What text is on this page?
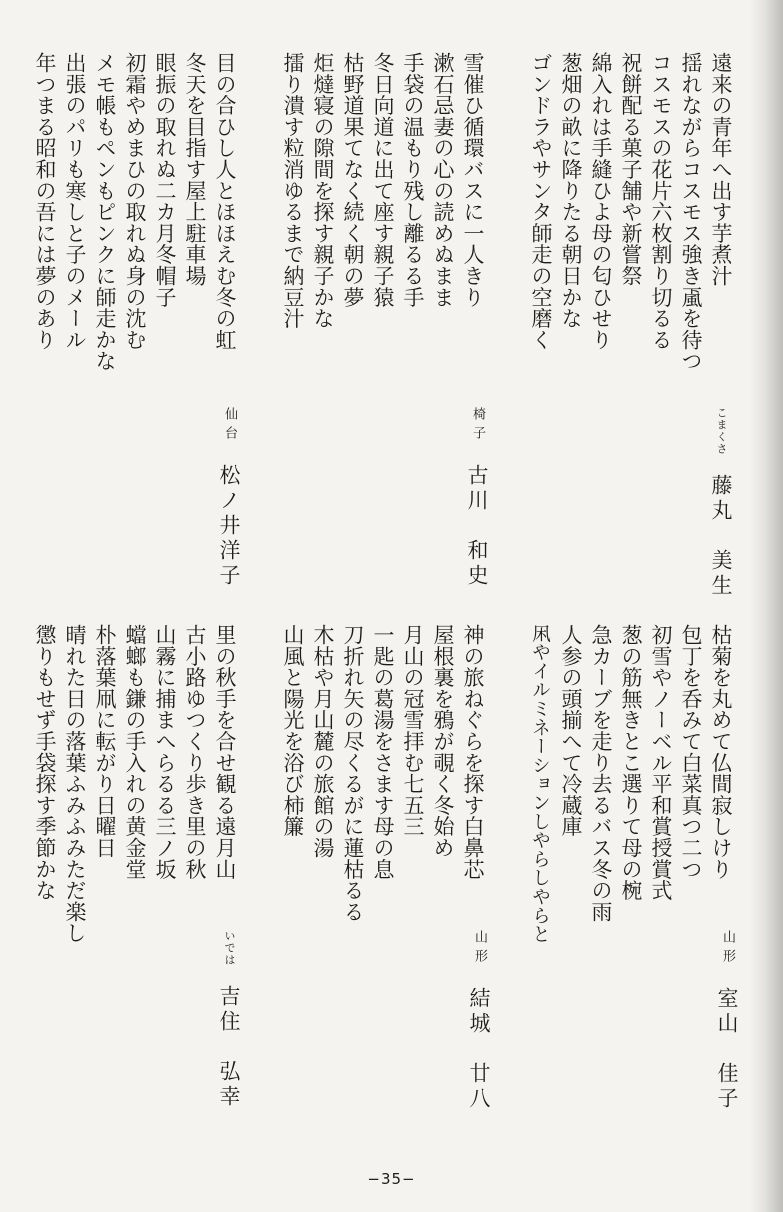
遠来の青年へ出す芋煮汁
揺れながらコスモス強き颪を待つ
コスモスの花片六枚割り切るる
祝餅配る菓子舗や新嘗祭
綿入れは手縫ひよ母の匂ひせり
葱畑の畝に降りたる朝日かな
ゴンドラやサンタ師走の空磨く
こまくさ 藤丸　美生
雪催ひ循環バスに一人きり
漱石忌妻の心の読めぬまま
手袋の温もり残し離るる手
冬日向道に出て座す親子猿
枯野道果てなく続く朝の夢
炬燵寝の隙間を探す親子かな
擂り潰す粒消ゆるまで納豆汁
椅子 古川　和史
目の合ひし人とほほえむ冬の虹
冬天を目指す屋上駐車場
眼振の取れぬ二カ月冬帽子
初霜やめまひの取れぬ身の沈む
メモ帳もペンもピンクに師走かな
出張のパリも寒しと子のメール
年つまる昭和の吾には夢のあり
仙台 松ノ井洋子
枯菊を丸めて仏間寂しけり
包丁を呑みて白菜真つ二つ
初雪やノーベル平和賞授賞式
葱の筋無きとこ選りて母の椀
急カーブを走り去るバス冬の雨
人参の頭揃へて冷蔵庫
凩やイルミネーションしやらしやらと
山形 室山　佳子
神の旅ねぐらを探す白鼻芯
屋根裏を鴉が覗く冬始め
月山の冠雪拝む七五三
一匙の葛湯をさます母の息
刀折れ矢の尽くるがに蓮枯るる
木枯や月山麓の旅館の湯
山風と陽光を浴び柿簾
山形 結城　廿八
里の秋手を合せ観る遠月山
古小路ゆつくり歩き里の秋
山霧に捕まへらるる三ノ坂
蟷螂も鎌の手入れの黄金堂
朴落葉凧に転がり日曜日
晴れた日の落葉ふみふみただ楽し
懲りもせず手袋探す季節かな
いでは 吉住　弘幸
−35−
